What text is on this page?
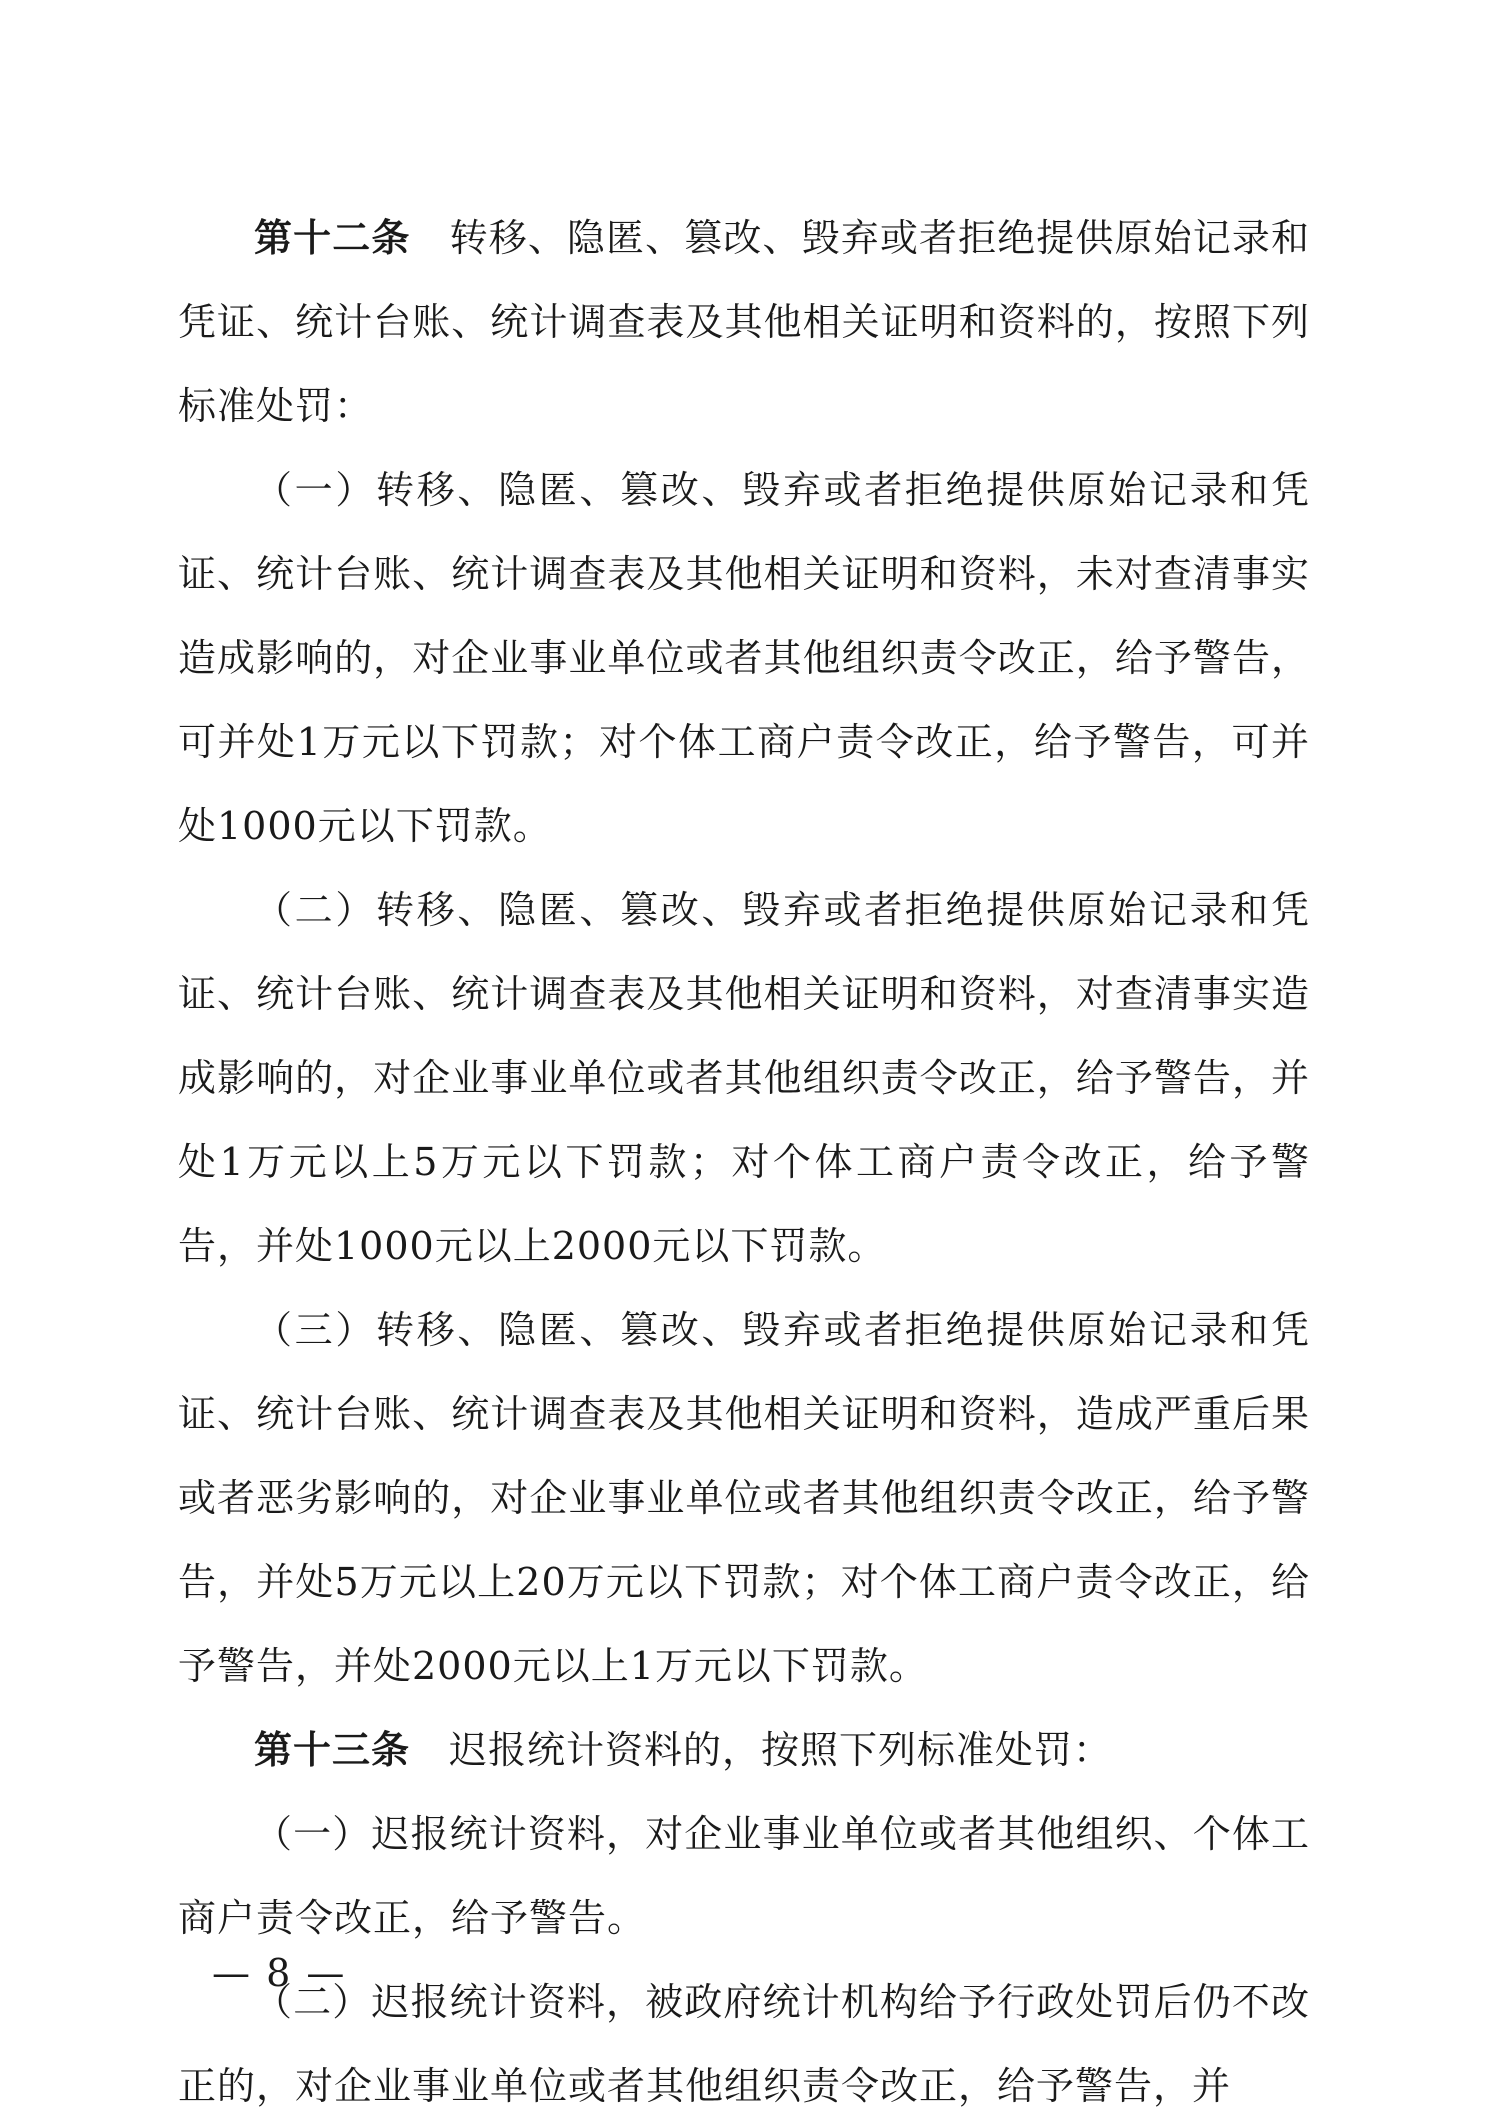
第十二条　 转移、隐匿、篡改、毁弃或者拒绝提供原始记录和凭证、统计台账、统计调查表及其他相关证明和资料的，按照下列标准处罚：

（一）转移、隐匿、篡改、毁弃或者拒绝提供原始记录和凭证、统计台账、统计调查表及其他相关证明和资料，未对查清事实造成影响的，对企业事业单位或者其他组织责令改正，给予警告，可并处1万元以下罚款；对个体工商户责令改正，给予警告，可并处1000元以下罚款。

（二）转移、隐匿、篡改、毁弃或者拒绝提供原始记录和凭证、统计台账、统计调查表及其他相关证明和资料，对查清事实造成影响的，对企业事业单位或者其他组织责令改正，给予警告，并处1万元以上5万元以下罚款；对个体工商户责令改正，给予警告，并处1000元以上2000元以下罚款。

（三）转移、隐匿、篡改、毁弃或者拒绝提供原始记录和凭证、统计台账、统计调查表及其他相关证明和资料，造成严重后果或者恶劣影响的，对企业事业单位或者其他组织责令改正，给予警告，并处5万元以上20万元以下罚款；对个体工商户责令改正，给予警告，并处2000元以上1万元以下罚款。

第十三条　 迟报统计资料的，按照下列标准处罚：

（一）迟报统计资料，对企业事业单位或者其他组织、个体工商户责令改正，给予警告。

（二）迟报统计资料，被政府统计机构给予行政处罚后仍不改正的，对企业事业单位或者其他组织责令改正，给予警告，并

— 8 —
